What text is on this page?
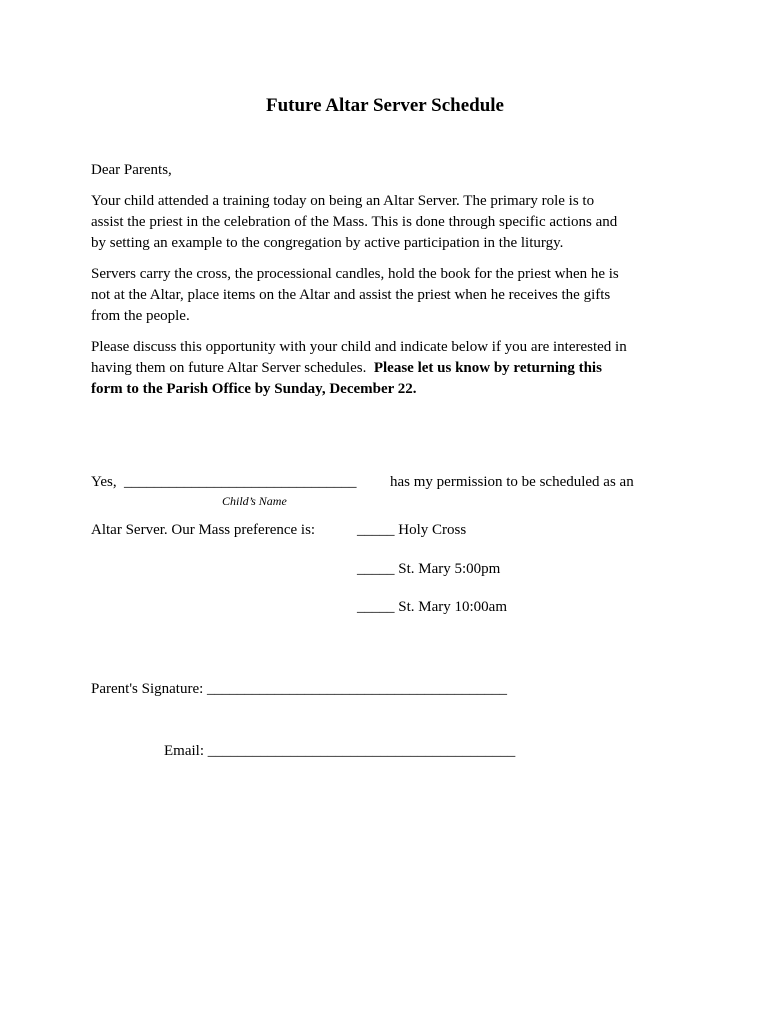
Future Altar Server Schedule
Dear Parents,
Your child attended a training today on being an Altar Server. The primary role is to
assist the priest in the celebration of the Mass. This is done through specific actions and
by setting an example to the congregation by active participation in the liturgy.
Servers carry the cross, the processional candles, hold the book for the priest when he is
not at the Altar, place items on the Altar and assist the priest when he receives the gifts
from the people.
Please discuss this opportunity with your child and indicate below if you are interested in
having them on future Altar Server schedules. Please let us know by returning this
form to the Parish Office by Sunday, December 22.
Yes, _______________________________ has my permission to be scheduled as an
Child’s Name
Altar Server. Our Mass preference is:	_____ Holy Cross
_____ St. Mary 5:00pm
_____ St. Mary 10:00am
Parent's Signature: ________________________________________
Email: _________________________________________
